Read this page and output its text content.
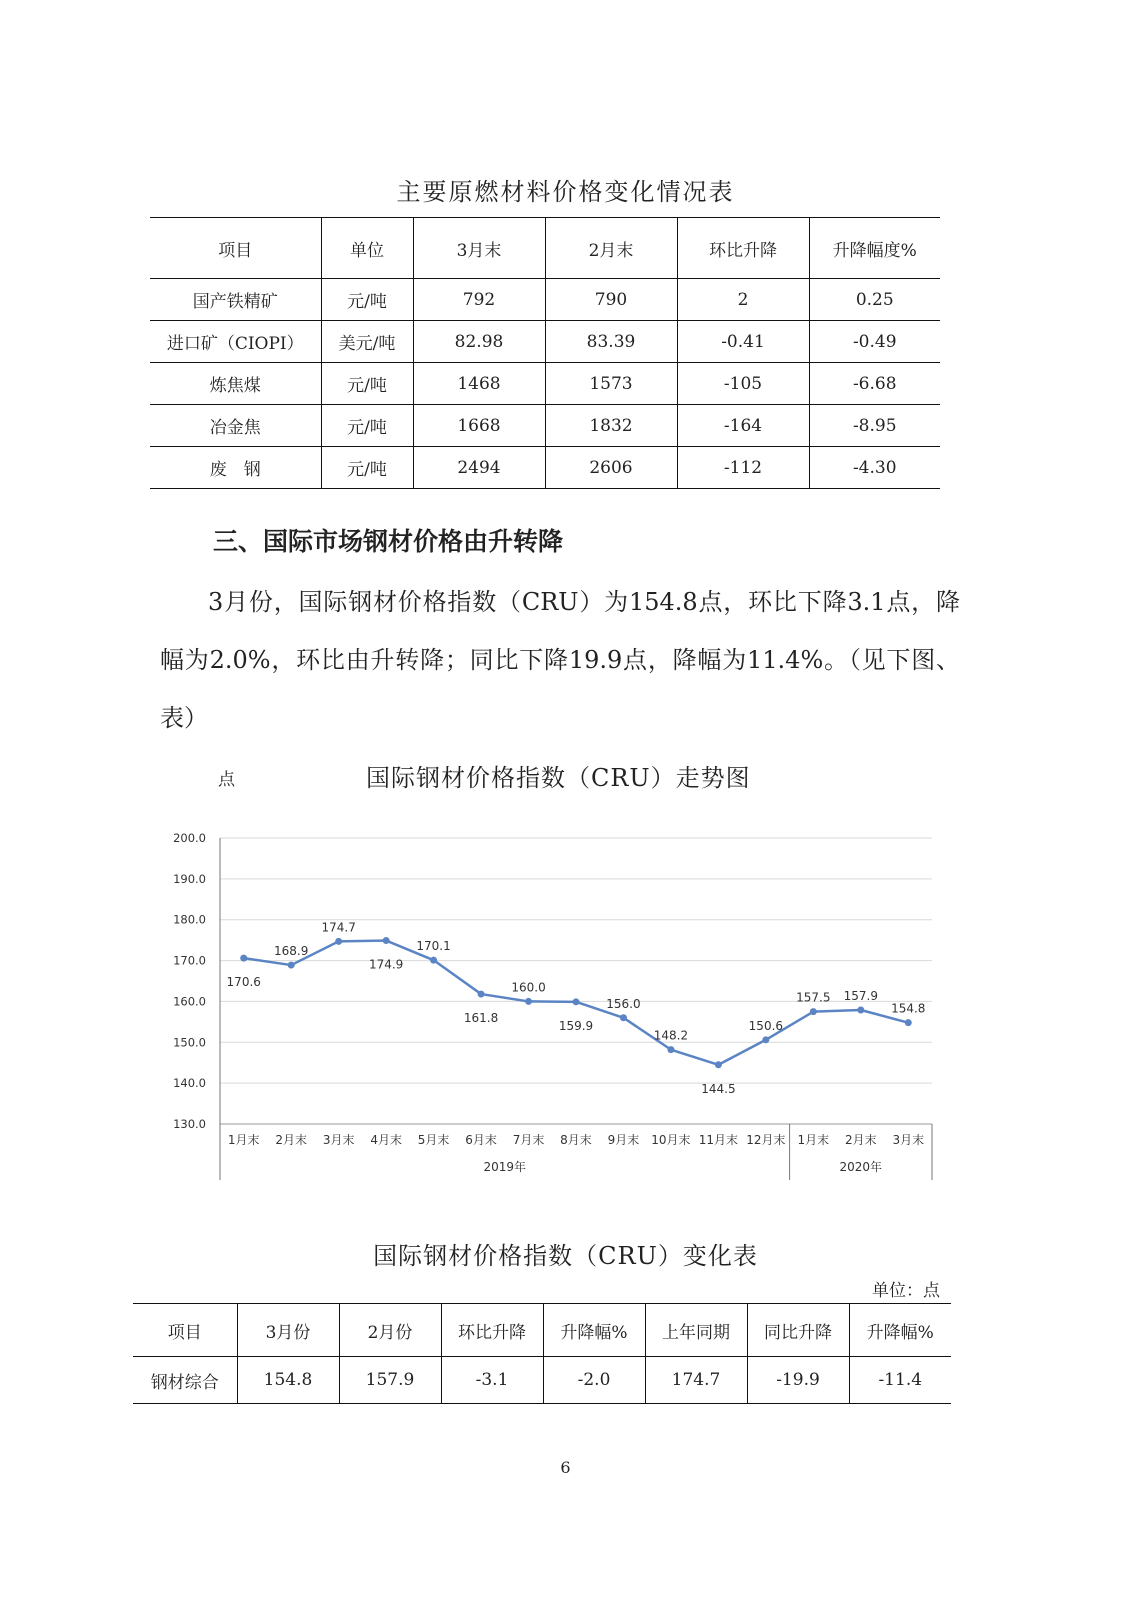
主要原燃材料价格变化情况表
项目	单位	3月末	2月末	环比升降	升降幅度%
国产铁精矿	元/吨	792	790	2	0.25
进口矿（CIOPI）	美元/吨	82.98	83.39	-0.41	-0.49
炼焦煤	元/吨	1468	1573	-105	-6.68
冶金焦	元/吨	1668	1832	-164	-8.95
废　钢	元/吨	2494	2606	-112	-4.30
三、国际市场钢材价格由升转降
3月份，国际钢材价格指数（CRU）为154.8点，环比下降3.1点，降幅为2.0%，环比由升转降；同比下降19.9点，降幅为11.4%。（见下图、表）
点	国际钢材价格指数（CRU）走势图
130.0
140.0
150.0
160.0
170.0
180.0
190.0
200.0
1月末 2月末 3月末 4月末 5月末 6月末 7月末 8月末 9月末 10月末 11月末 12月末 1月末 2月末 3月末
2019年	2020年
170.6
168.9
174.7
174.9
170.1
161.8
160.0
159.9
156.0
148.2
144.5
150.6
157.5 157.9
154.8
国际钢材价格指数（CRU）变化表
单位：点
项目	3月份	2月份	环比升降	升降幅%	上年同期	同比升降	升降幅%
钢材综合	154.8	157.9	-3.1	-2.0	174.7	-19.9	-11.4
6
